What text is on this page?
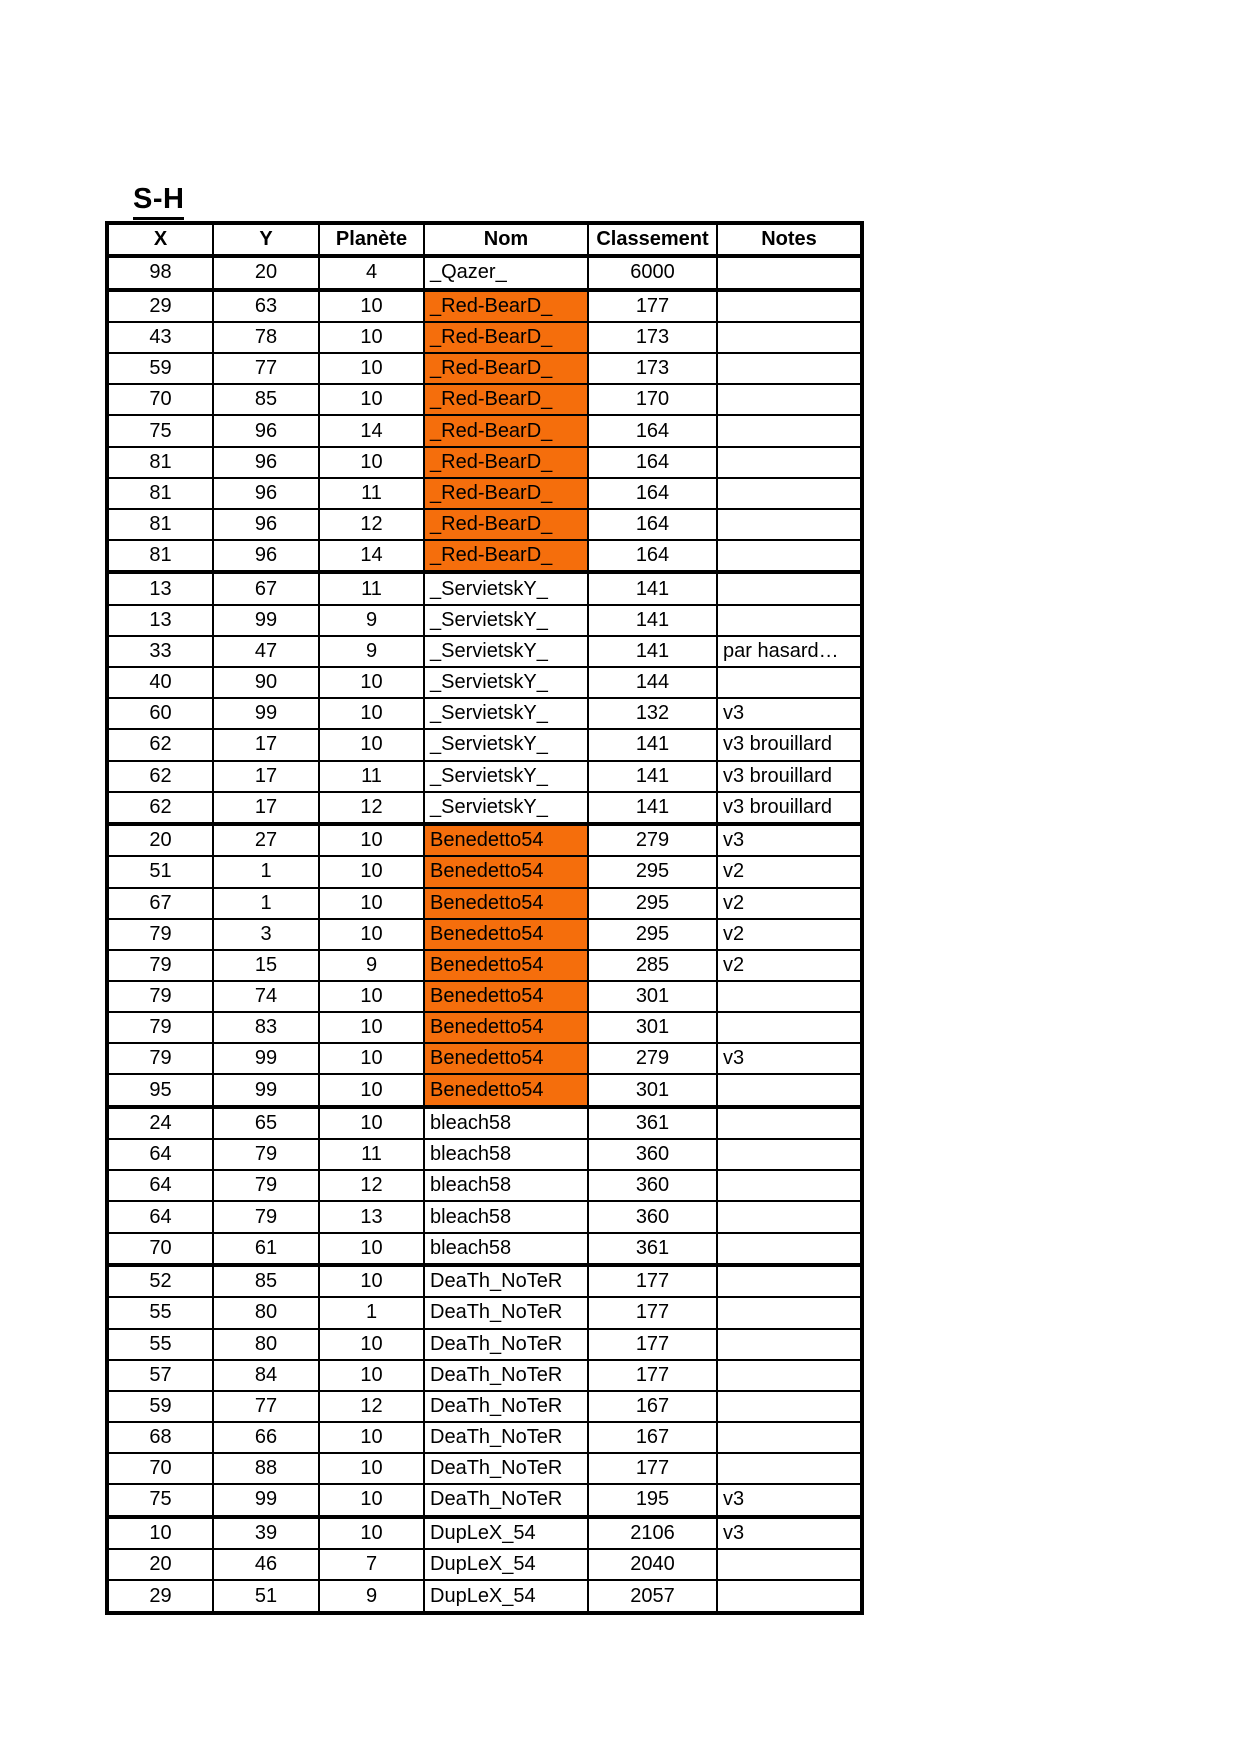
S-H
X	Y	Planète	Nom	Classement	Notes
98	20	4	_Qazer_	6000	
29	63	10	_Red-BearD_	177	
43	78	10	_Red-BearD_	173	
59	77	10	_Red-BearD_	173	
70	85	10	_Red-BearD_	170	
75	96	14	_Red-BearD_	164	
81	96	10	_Red-BearD_	164	
81	96	11	_Red-BearD_	164	
81	96	12	_Red-BearD_	164	
81	96	14	_Red-BearD_	164	
13	67	11	_ServietskY_	141	
13	99	9	_ServietskY_	141	
33	47	9	_ServietskY_	141	par hasard…
40	90	10	_ServietskY_	144	
60	99	10	_ServietskY_	132	v3
62	17	10	_ServietskY_	141	v3 brouillard
62	17	11	_ServietskY_	141	v3 brouillard
62	17	12	_ServietskY_	141	v3 brouillard
20	27	10	Benedetto54	279	v3
51	1	10	Benedetto54	295	v2
67	1	10	Benedetto54	295	v2
79	3	10	Benedetto54	295	v2
79	15	9	Benedetto54	285	v2
79	74	10	Benedetto54	301	
79	83	10	Benedetto54	301	
79	99	10	Benedetto54	279	v3
95	99	10	Benedetto54	301	
24	65	10	bleach58	361	
64	79	11	bleach58	360	
64	79	12	bleach58	360	
64	79	13	bleach58	360	
70	61	10	bleach58	361	
52	85	10	DeaTh_NoTeR	177	
55	80	1	DeaTh_NoTeR	177	
55	80	10	DeaTh_NoTeR	177	
57	84	10	DeaTh_NoTeR	177	
59	77	12	DeaTh_NoTeR	167	
68	66	10	DeaTh_NoTeR	167	
70	88	10	DeaTh_NoTeR	177	
75	99	10	DeaTh_NoTeR	195	v3
10	39	10	DupLeX_54	2106	v3
20	46	7	DupLeX_54	2040	
29	51	9	DupLeX_54	2057	
